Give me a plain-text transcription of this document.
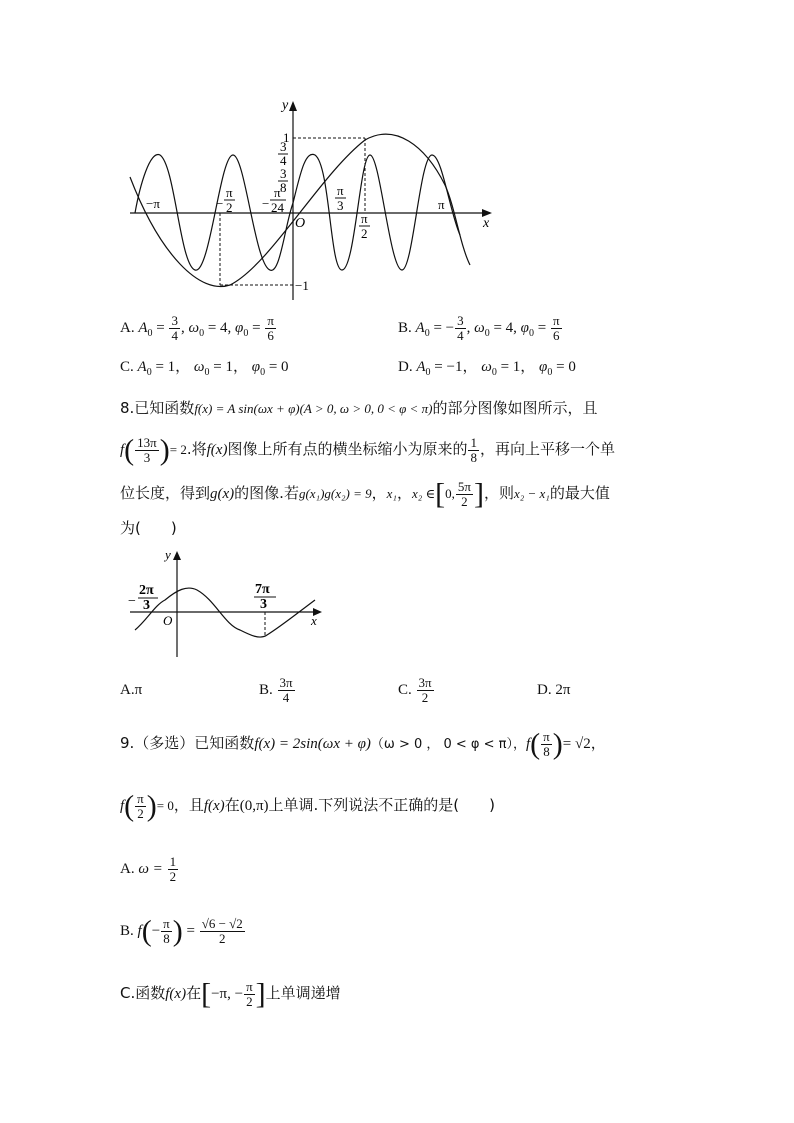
y
x
O
1
3
4
3
8
−1
−π	−
π
2 −
π
24
π
3
π
2
π
A. $A_0 = \frac{3}{4}$ , $\omega_0 = 4$, $\varphi_0 = \frac{\pi}{6}$	B. $A_0$ = − $\frac{3}{4}$ , $\omega_0 = 4$, $\varphi_0 = \frac{\pi}{6}$
C. $A_0 = 1$， $\omega_0 = 1$， $\varphi_0 = 0$	D. $A_0 = -1$， $\omega_0 = 1$， $\varphi_0 = 0$
8.已知函数f(x) = A sin(ωx + φ)(A > 0, ω > 0, 0 < φ < π)的部分图像如图所示，且
$f( \frac{13\pi}{3}$ )= 2.将f(x)图像上所有点的横坐标缩小为原来的 $\frac{1}{8}$ ，再向上平移一个单
位长度，得到g(x)的图像.若g(x₁)g(x₂) = 9，x₁，x₂ ∈[0, $\frac{5\pi}{2}$ ]，则x₂ − x₁的最大值
为(　　)
y
x
O
−
2π
3
7π
3
A.π	B. $\frac{3\pi}{4}$	C. $\frac{3\pi}{2}$	D. 2π
9.（多选）已知函数f(x) = 2sin(ωx + φ)（ω > 0 ， 0 < φ < π），$f( \frac{\pi}{8}$ )= √2，
$f( \frac{\pi}{2}$ )= 0，且f(x)在(0,π)上单调.下列说法不正确的是(　　)
A. $\omega = \frac{1}{2}$
B. $f(- \frac{\pi}{8}$ ) = $\frac{√6 - √2}{2}$
C.函数f(x)在[−π, − $\frac{\pi}{2}$ ]上单调递增
